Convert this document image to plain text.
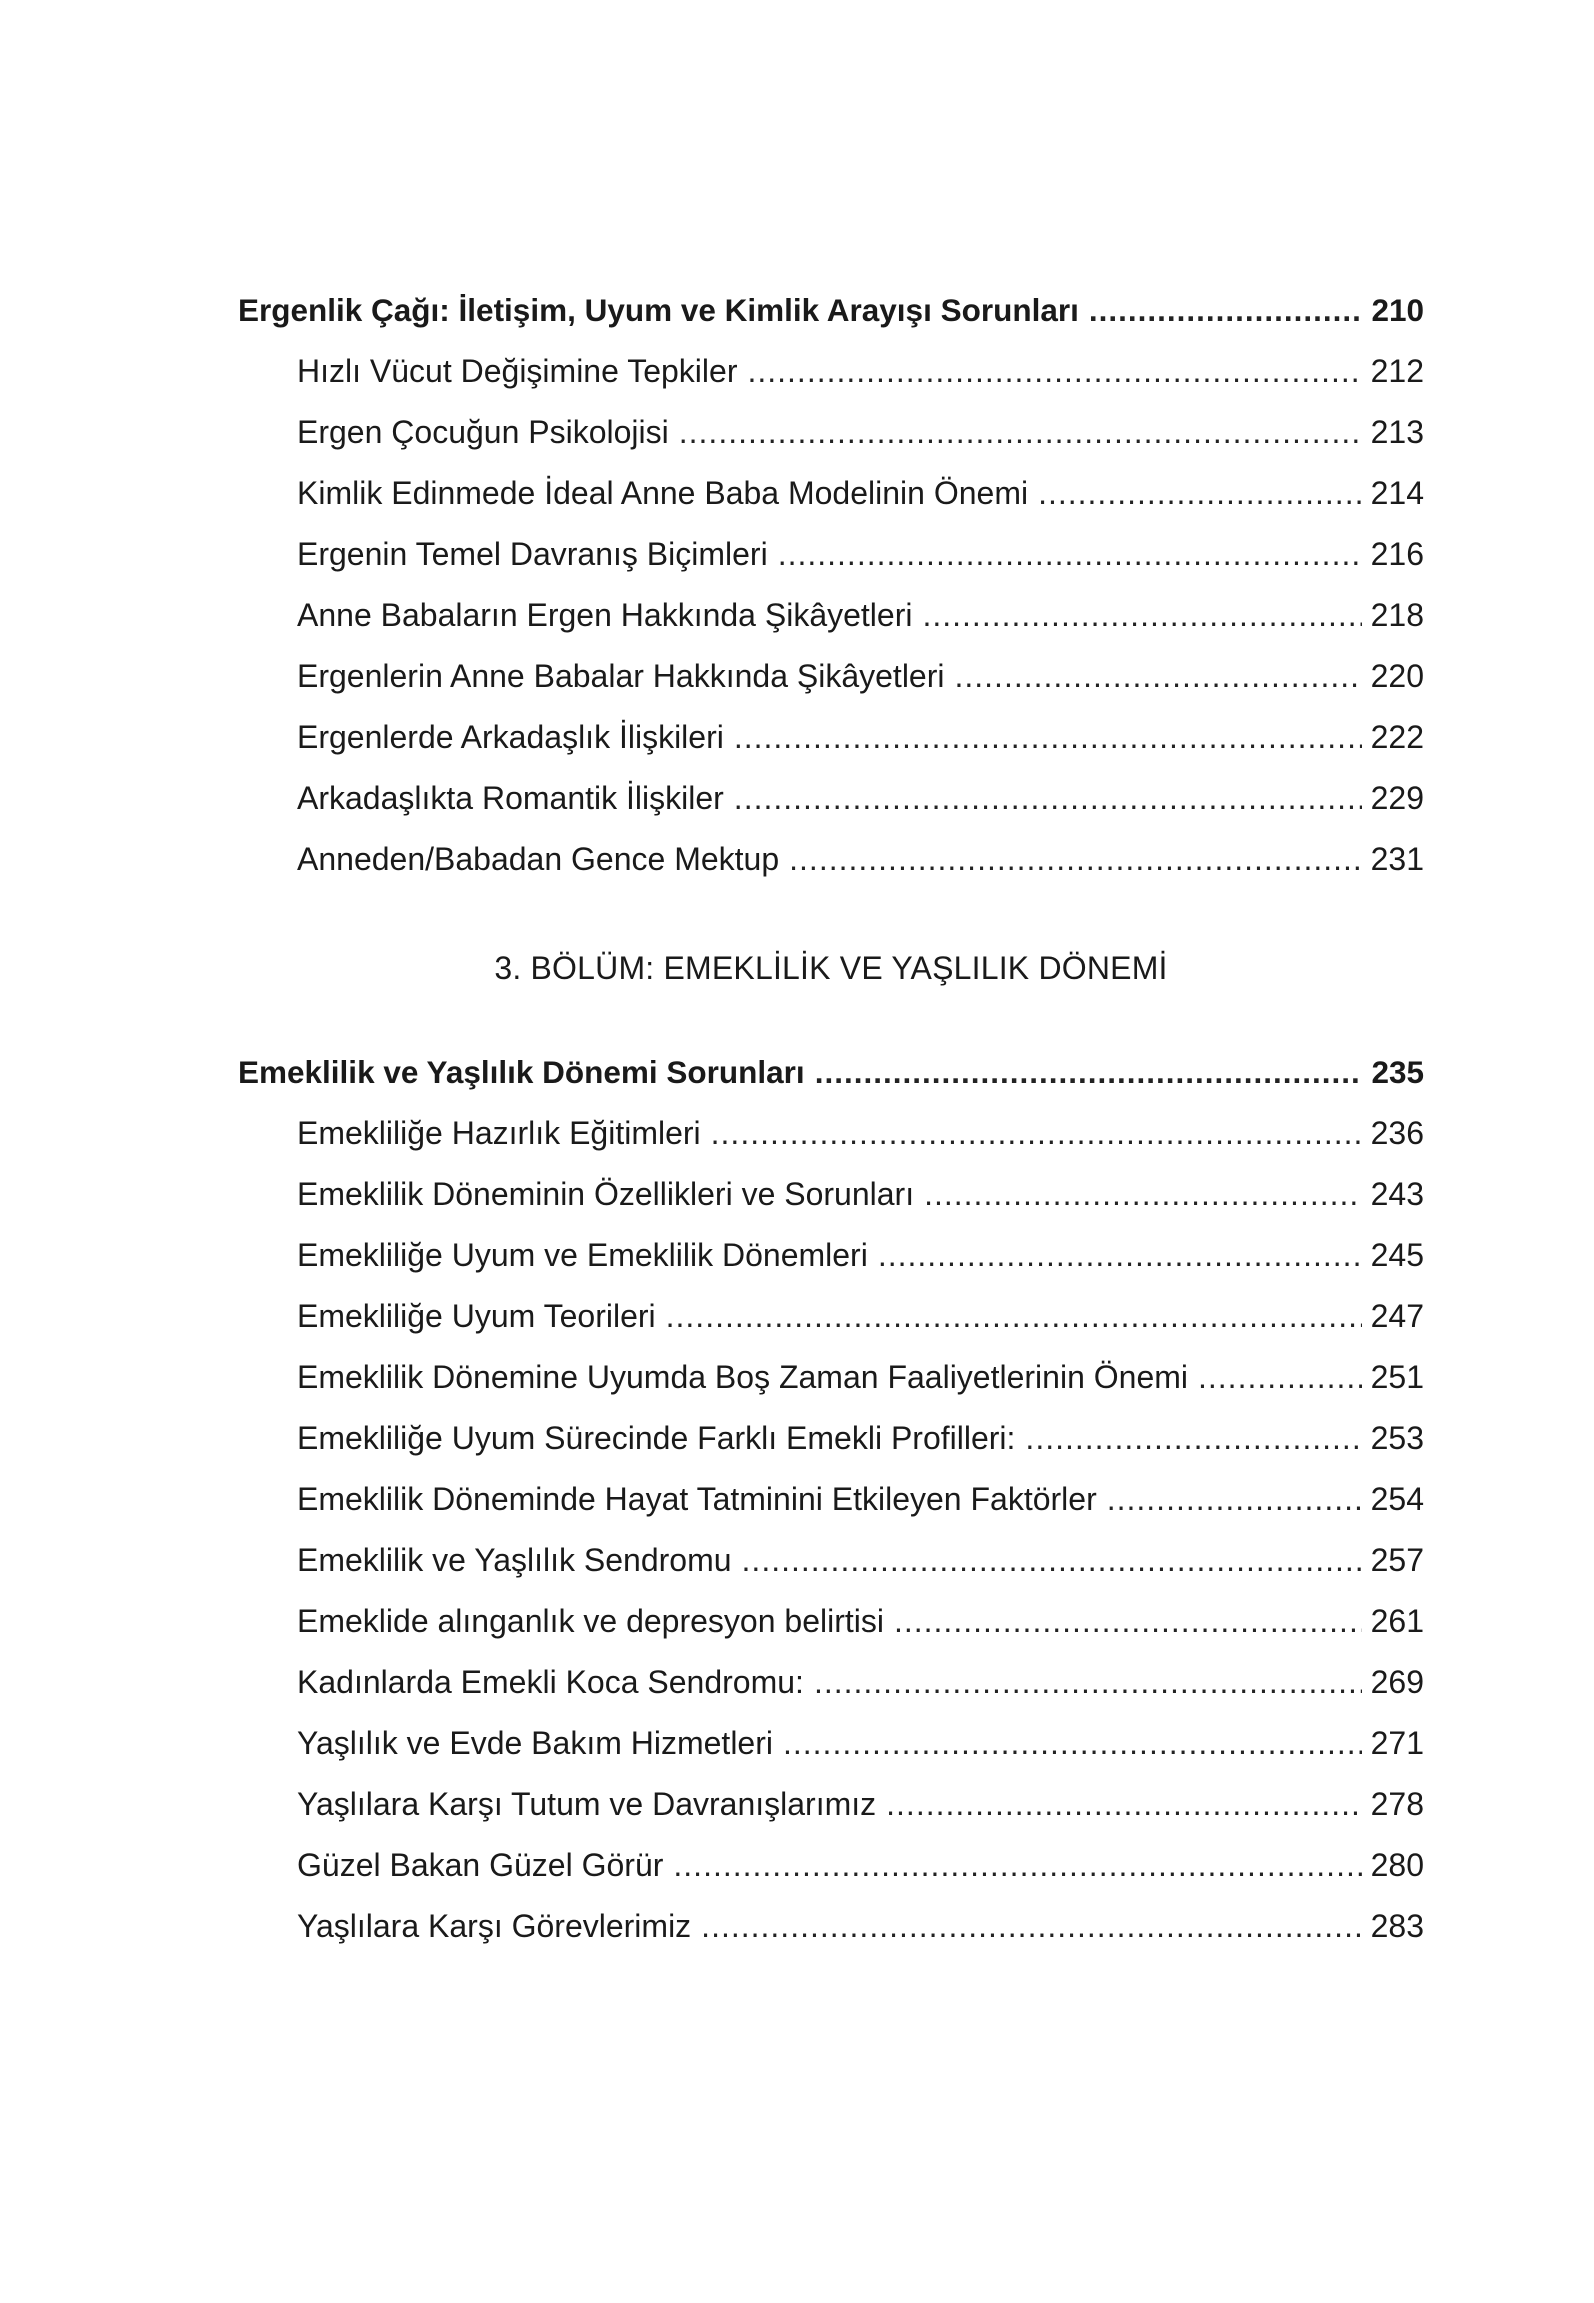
Ergenlik Çağı: İletişim, Uyum ve Kimlik Arayışı Sorunları .....	210
Hızlı Vücut Değişimine Tepkiler .....	212
Ergen Çocuğun Psikolojisi .....	213
Kimlik Edinmede İdeal Anne Baba Modelinin Önemi .....	214
Ergenin Temel Davranış Biçimleri .....	216
Anne Babaların Ergen Hakkında Şikâyetleri .....	218
Ergenlerin Anne Babalar Hakkında Şikâyetleri .....	220
Ergenlerde Arkadaşlık İlişkileri .....	222
Arkadaşlıkta Romantik İlişkiler .....	229
Anneden/Babadan Gence Mektup .....	231
3. BÖLÜM: EMEKLİLİK VE YAŞLILIK DÖNEMİ
Emeklilik ve Yaşlılık Dönemi Sorunları .....	235
Emekliliğe Hazırlık Eğitimleri .....	236
Emeklilik Döneminin Özellikleri ve Sorunları .....	243
Emekliliğe Uyum ve Emeklilik Dönemleri .....	245
Emekliliğe Uyum Teorileri .....	247
Emeklilik Dönemine Uyumda Boş Zaman Faaliyetlerinin Önemi .....	251
Emekliliğe Uyum Sürecinde Farklı Emekli Profilleri: .....	253
Emeklilik Döneminde Hayat Tatminini Etkileyen Faktörler .....	254
Emeklilik ve Yaşlılık Sendromu .....	257
Emeklide alınganlık ve depresyon belirtisi .....	261
Kadınlarda Emekli Koca Sendromu: .....	269
Yaşlılık ve Evde Bakım Hizmetleri .....	271
Yaşlılara Karşı Tutum ve Davranışlarımız .....	278
Güzel Bakan Güzel Görür .....	280
Yaşlılara Karşı Görevlerimiz .....	283
